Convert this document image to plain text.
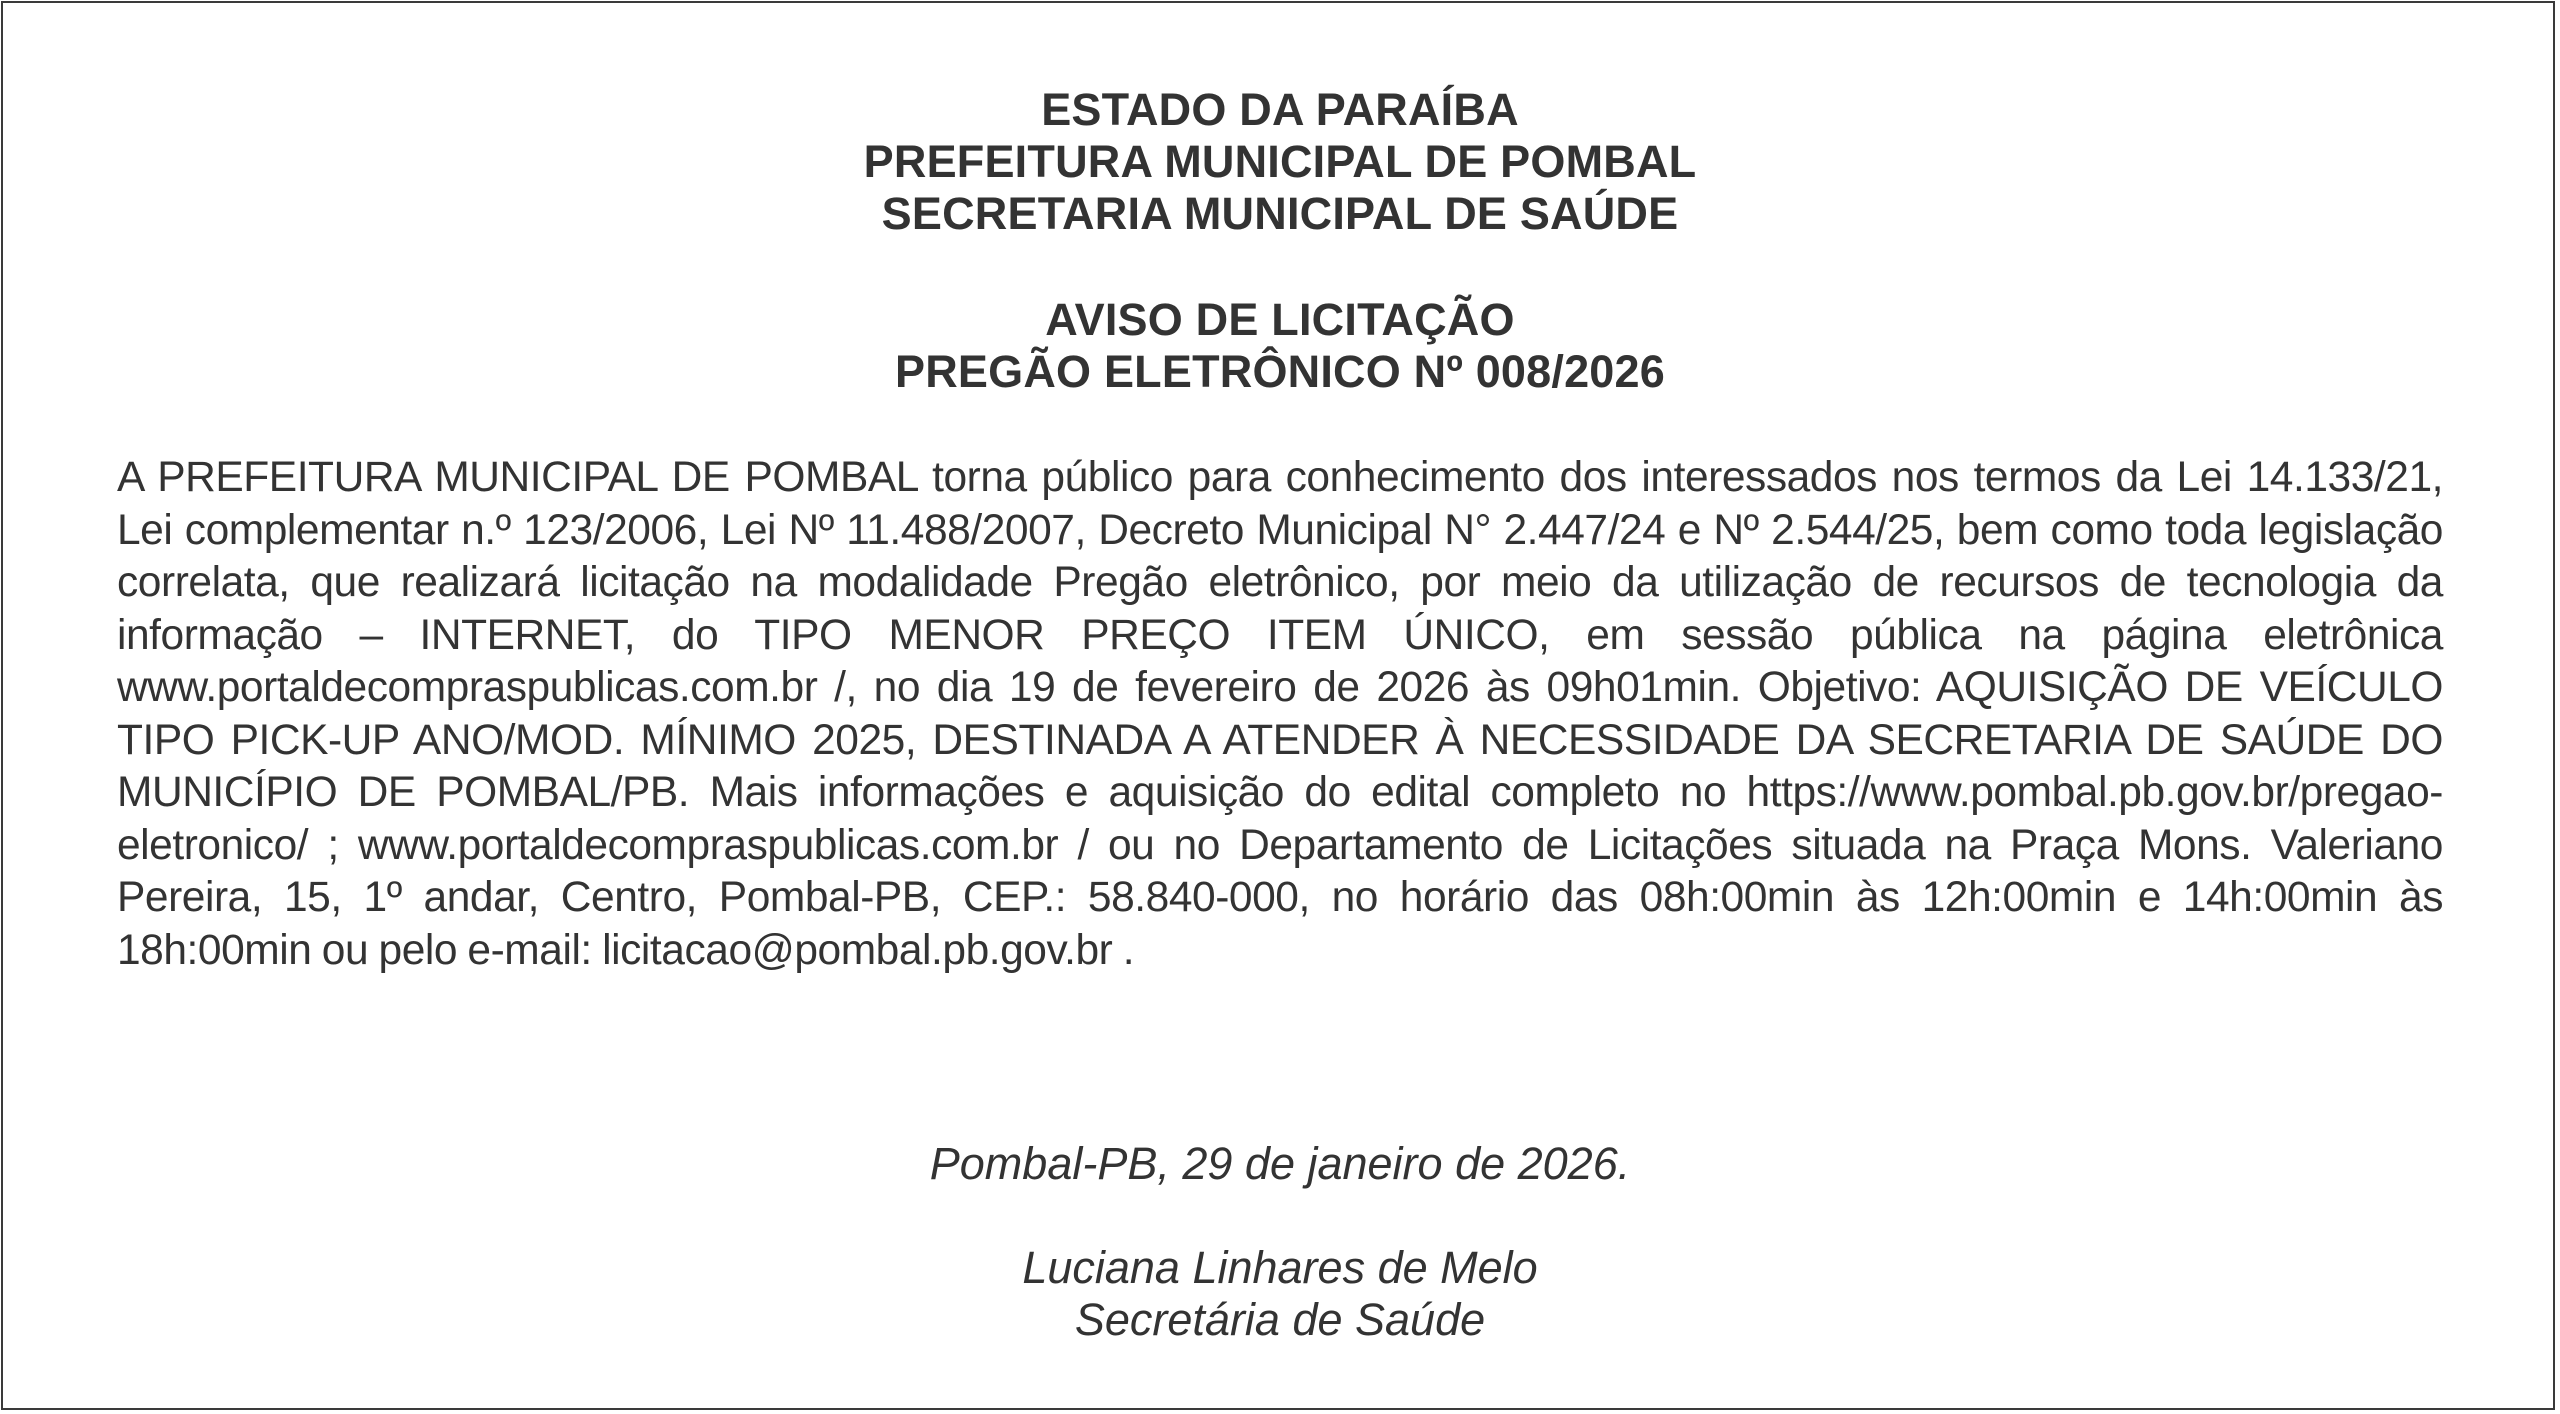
ESTADO DA PARAÍBA
PREFEITURA MUNICIPAL DE POMBAL
SECRETARIA MUNICIPAL DE SAÚDE
AVISO DE LICITAÇÃO
PREGÃO ELETRÔNICO Nº 008/2026
A PREFEITURA MUNICIPAL DE POMBAL torna público para conhecimento dos interessados nos termos da Lei 14.133/21, Lei complementar n.º 123/2006, Lei Nº 11.488/2007, Decreto Municipal N° 2.447/24 e Nº 2.544/25, bem como toda legislação correlata, que realizará licitação na modalidade Pregão eletrônico, por meio da utilização de recursos de tecnologia da informação – INTERNET, do TIPO MENOR PREÇO ITEM ÚNICO, em sessão pública na página eletrônica www.portaldecompraspublicas.com.br /, no dia 19 de fevereiro de 2026 às 09h01min. Objetivo: AQUISIÇÃO DE VEÍCULO TIPO PICK-UP ANO/MOD. MÍNIMO 2025, DESTINADA A ATENDER À NECESSIDADE DA SECRETARIA DE SAÚDE DO MUNICÍPIO DE POMBAL/PB. Mais informações e aquisição do edital completo no https://www.pombal.pb.gov.br/pregao-eletronico/ ; www.portaldecompraspublicas.com.br / ou no Departamento de Licitações situada na Praça Mons. Valeriano Pereira, 15, 1º andar, Centro, Pombal-PB, CEP.: 58.840-000, no horário das 08h:00min às 12h:00min e 14h:00min às 18h:00min ou pelo e-mail: licitacao@pombal.pb.gov.br .
Pombal-PB, 29 de janeiro de 2026.
Luciana Linhares de Melo
Secretária de Saúde
